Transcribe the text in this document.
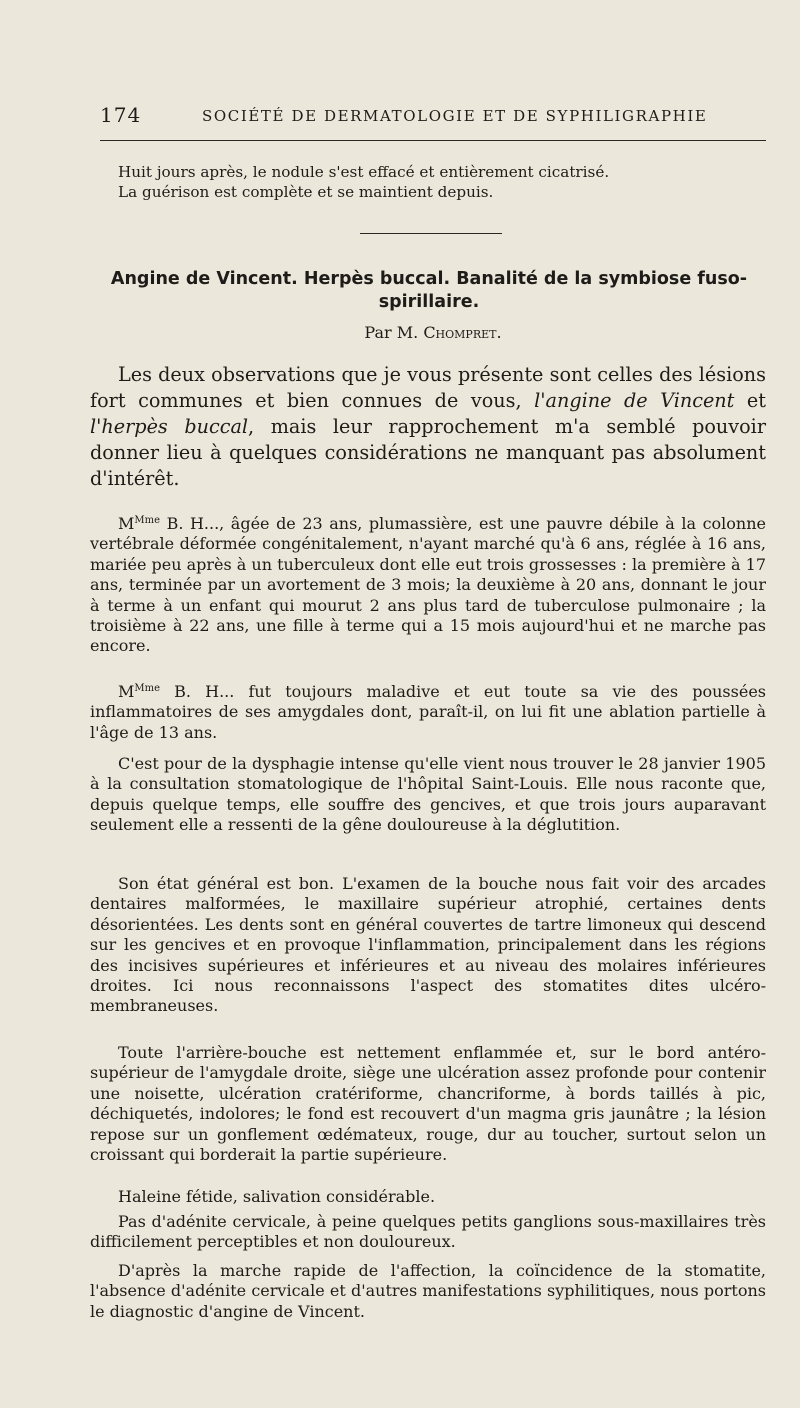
174	SOCIÉTÉ DE DERMATOLOGIE ET DE SYPHILIGRAPHIE

Huit jours après, le nodule s'est effacé et entièrement cicatrisé.
La guérison est complète et se maintient depuis.

Angine de Vincent. Herpès buccal. Banalité de la symbiose fuso-spirillaire.

Par M. Chompret.

Les deux observations que je vous présente sont celles des lésions fort communes et bien connues de vous, l'angine de Vincent et l'herpès buccal, mais leur rapprochement m'a semblé pouvoir donner lieu à quelques considérations ne manquant pas absolument d'intérêt.

$M^{Mme}$ B. H..., âgée de 23 ans, plumassière, est une pauvre débile à la colonne vertébrale déformée congénitalement, n'ayant marché qu'à 6 ans, réglée à 16 ans, mariée peu après à un tuberculeux dont elle eut trois grossesses : la première à 17 ans, terminée par un avortement de 3 mois; la deuxième à 20 ans, donnant le jour à terme à un enfant qui mourut 2 ans plus tard de tuberculose pulmonaire ; la troisième à 22 ans, une fille à terme qui a 15 mois aujourd'hui et ne marche pas encore.

$M^{Mme}$ B. H... fut toujours maladive et eut toute sa vie des poussées inflammatoires de ses amygdales dont, paraît-il, on lui fit une ablation partielle à l'âge de 13 ans.

C'est pour de la dysphagie intense qu'elle vient nous trouver le 28 janvier 1905 à la consultation stomatologique de l'hôpital Saint-Louis. Elle nous raconte que, depuis quelque temps, elle souffre des gencives, et que trois jours auparavant seulement elle a ressenti de la gêne douloureuse à la déglutition.

Son état général est bon. L'examen de la bouche nous fait voir des arcades dentaires malformées, le maxillaire supérieur atrophié, certaines dents désorientées. Les dents sont en général couvertes de tartre limoneux qui descend sur les gencives et en provoque l'inflammation, principalement dans les régions des incisives supérieures et inférieures et au niveau des molaires inférieures droites. Ici nous reconnaissons l'aspect des stomatites dites ulcéro-membraneuses.

Toute l'arrière-bouche est nettement enflammée et, sur le bord antéro-supérieur de l'amygdale droite, siège une ulcération assez profonde pour contenir une noisette, ulcération cratériforme, chancriforme, à bords taillés à pic, déchiquetés, indolores; le fond est recouvert d'un magma gris jaunâtre ; la lésion repose sur un gonflement œdémateux, rouge, dur au toucher, surtout selon un croissant qui borderait la partie supérieure.

Haleine fétide, salivation considérable.

Pas d'adénite cervicale, à peine quelques petits ganglions sous-maxillaires très difficilement perceptibles et non douloureux.

D'après la marche rapide de l'affection, la coïncidence de la stomatite, l'absence d'adénite cervicale et d'autres manifestations syphilitiques, nous portons le diagnostic d'angine de Vincent.
